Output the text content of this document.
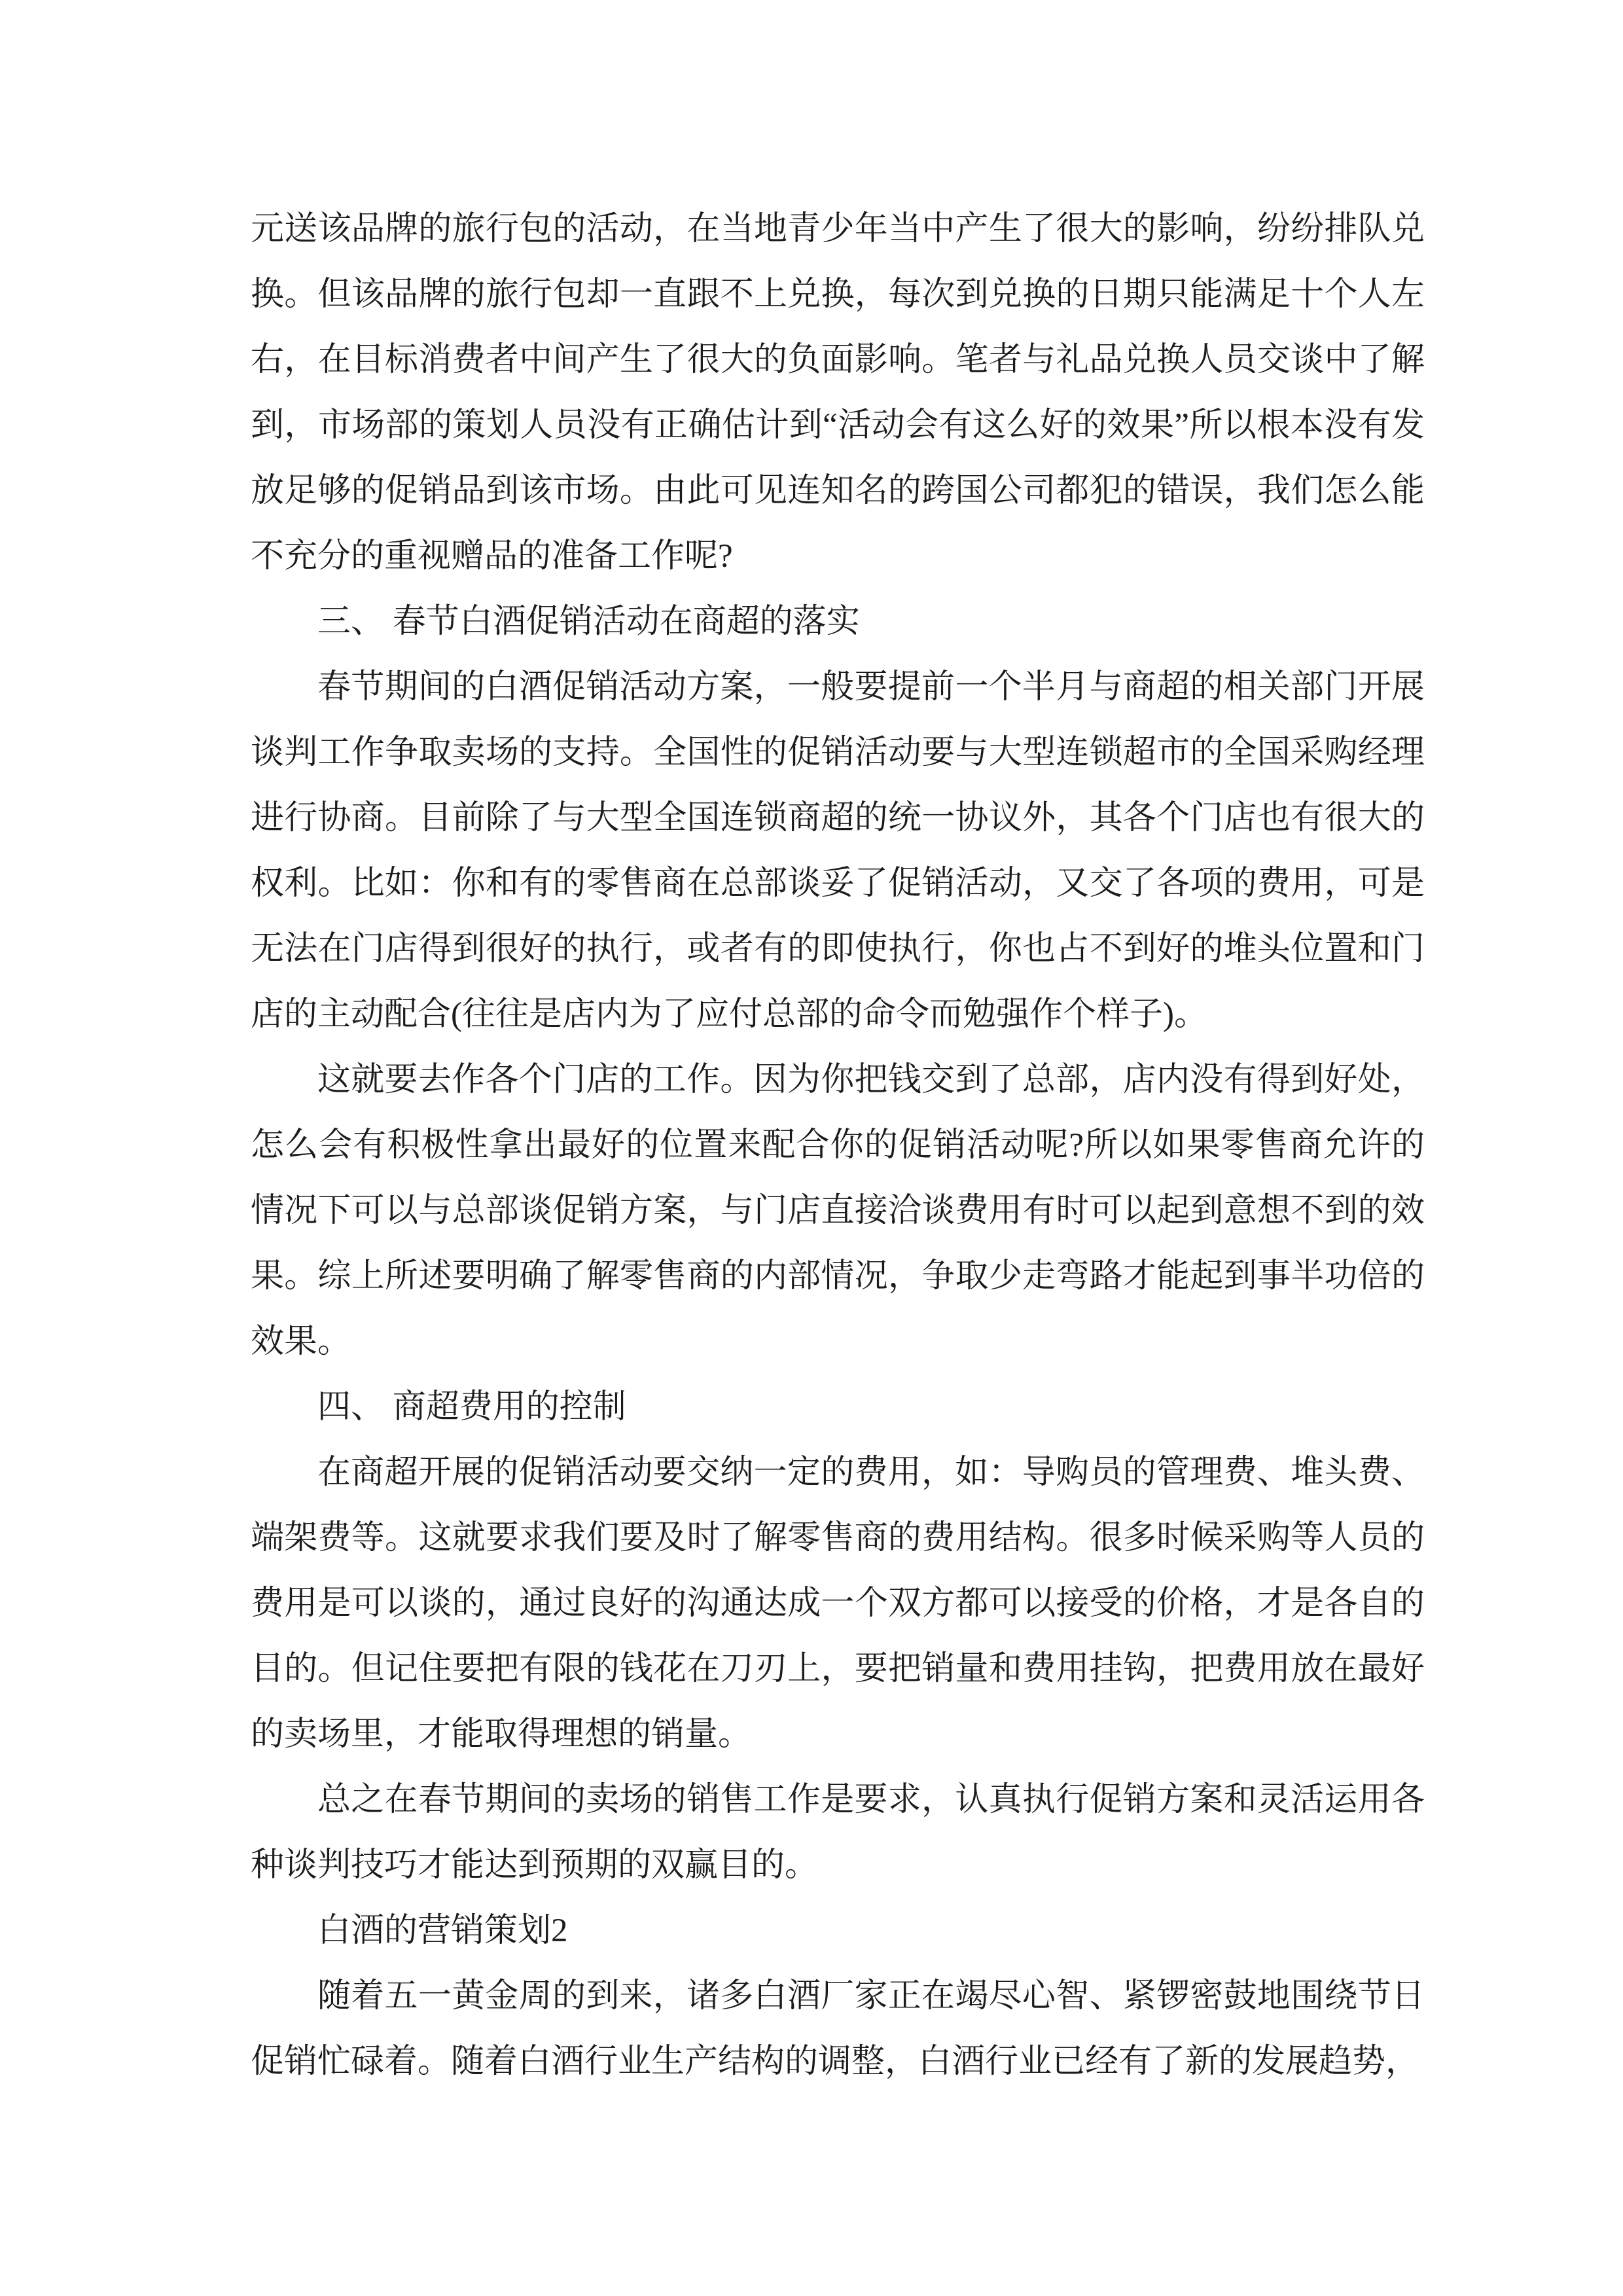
元送该品牌的旅行包的活动，在当地青少年当中产生了很大的影响，纷纷排队兑换。但该品牌的旅行包却一直跟不上兑换，每次到兑换的日期只能满足十个人左右，在目标消费者中间产生了很大的负面影响。笔者与礼品兑换人员交谈中了解到，市场部的策划人员没有正确估计到“活动会有这么好的效果”所以根本没有发放足够的促销品到该市场。由此可见连知名的跨国公司都犯的错误，我们怎么能不充分的重视赠品的准备工作呢?

三、 春节白酒促销活动在商超的落实

春节期间的白酒促销活动方案，一般要提前一个半月与商超的相关部门开展谈判工作争取卖场的支持。全国性的促销活动要与大型连锁超市的全国采购经理进行协商。目前除了与大型全国连锁商超的统一协议外，其各个门店也有很大的权利。比如：你和有的零售商在总部谈妥了促销活动，又交了各项的费用，可是无法在门店得到很好的执行，或者有的即使执行，你也占不到好的堆头位置和门店的主动配合(往往是店内为了应付总部的命令而勉强作个样子)。

这就要去作各个门店的工作。因为你把钱交到了总部，店内没有得到好处，怎么会有积极性拿出最好的位置来配合你的促销活动呢?所以如果零售商允许的情况下可以与总部谈促销方案，与门店直接洽谈费用有时可以起到意想不到的效果。综上所述要明确了解零售商的内部情况，争取少走弯路才能起到事半功倍的效果。

四、 商超费用的控制

在商超开展的促销活动要交纳一定的费用，如：导购员的管理费、堆头费、端架费等。这就要求我们要及时了解零售商的费用结构。很多时候采购等人员的费用是可以谈的，通过良好的沟通达成一个双方都可以接受的价格，才是各自的目的。但记住要把有限的钱花在刀刃上，要把销量和费用挂钩，把费用放在最好的卖场里，才能取得理想的销量。

总之在春节期间的卖场的销售工作是要求，认真执行促销方案和灵活运用各种谈判技巧才能达到预期的双赢目的。

白酒的营销策划2

随着五一黄金周的到来，诸多白酒厂家正在竭尽心智、紧锣密鼓地围绕节日促销忙碌着。随着白酒行业生产结构的调整，白酒行业已经有了新的发展趋势，
